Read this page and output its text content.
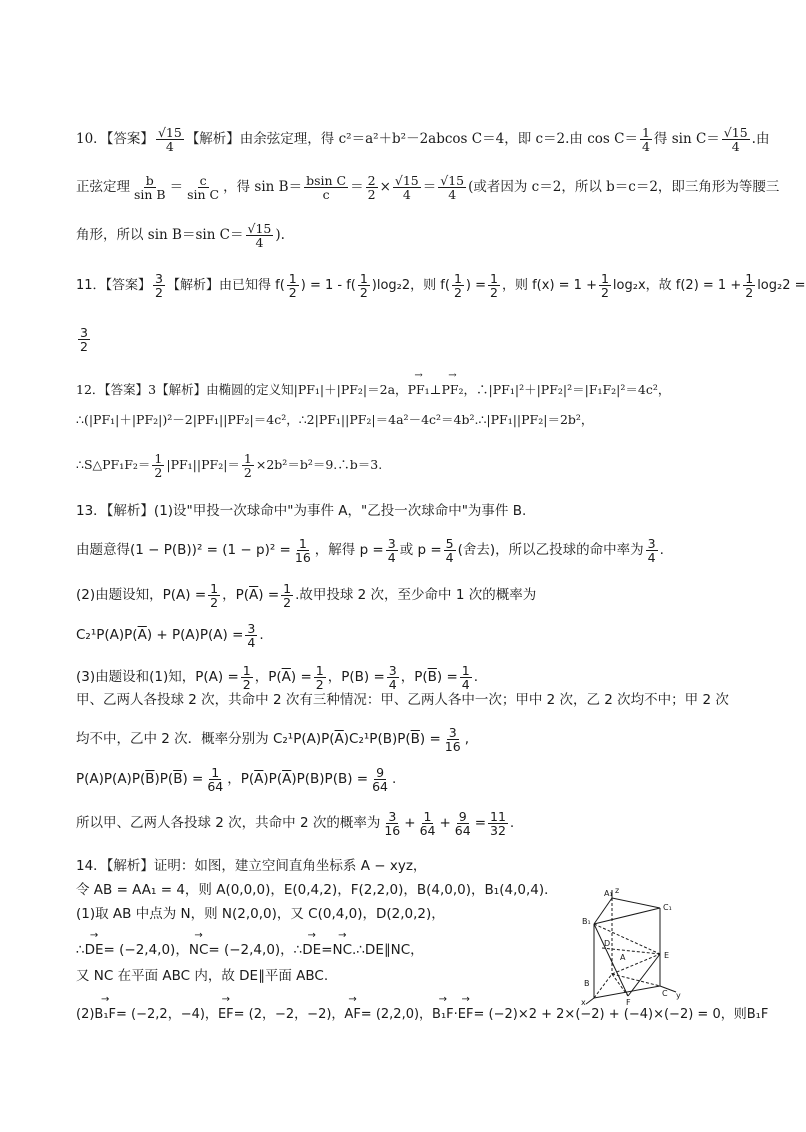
10．【答案】 $\frac{√15}{4}$ 【解析】由余弦定理，得 c²＝a²＋b²－2abcos C＝4，即 c＝2.由 $\cos C= \frac{1}{4}$ 得 $\sin C= \frac{√15}{4}$ .由
正弦定理 $\frac{b}{\text{sin B}} = \frac{c}{\text{sin C}}$ ，得 $\sin B= \frac{\text{bsin C}}{c} = \frac{2}{2} \times \frac{√15}{4} = \frac{√15}{4}$ (或者因为 c＝2，所以 b＝c＝2，即三角形为等腰三
角形，所以 sin B＝sin $C= \frac{√15}{4}$ ).
11．【答案】 $\frac{3}{2}$ 【解析】由已知得 $f( \frac{1}{2}$ ) = $1 - f( \frac{1}{2} )\log_22$，则 $f( \frac{1}{2}$ ) = $\frac{1}{2}$ ，则 $f(x) = 1 + \frac{1}{2} \log_2x$，故 $f(2) = 1 + \frac{1}{2} \log_22$ =
$\frac{3}{2}$
12．【答案】3【解析】由椭圆的定义知|PF₁|＋|PF₂|＝2a， → PF₁ ⊥ → PF₂ ，∴|PF₁|²＋|PF₂|²＝|F₁F₂|²＝4c²，
∴(|PF₁|＋|PF₂|)²－2|PF₁||PF₂|＝4c²，∴2|PF₁||PF₂|＝4a²－4c²＝4b².∴|PF₁||PF₂|＝2b²，
∴S△PF₁F₂＝ $\frac{1}{2} |PF_1||PF_2|= \frac{1}{2}$ ×2b²＝b²＝9.∴b＝3.
13．【解析】(1)设"甲投一次球命中"为事件 A，"乙投一次球命中"为事件 B.
由题意得$(1 - P(B))^2 = (1 - p)^2 = \frac{1}{16}$ ，解得 $p = \frac{3}{4}$ 或 $p = \frac{5}{4}$ (舍去)，所以乙投球的命中率为 $\frac{3}{4}$ .
(2)由题设知，$P(A) = \frac{1}{2}$ ，P( $\overline{A}$ ) = $\frac{1}{2}$ .故甲投球 2 次，至少命中 1 次的概率为
C₂¹P(A)P( $\overline{A}$ ) + $P(A)P(A) = \frac{3}{4}$ .
(3)由题设和(1)知，$P(A) = \frac{1}{2}$ ，P( $\overline{A}$ ) = $\frac{1}{2}$ ，$P(B) = \frac{3}{4}$ ，P( $\overline{B}$ ) = $\frac{1}{4}$ .
甲、乙两人各投球 2 次，共命中 2 次有三种情况：甲、乙两人各中一次；甲中 2 次，乙 2 次均不中；甲 2 次
均不中，乙中 2 次．概率分别为 C₂¹P(A)P( $\overline{A}$ )C₂¹P(B)P( $\overline{B}$ ) = $\frac{3}{16}$ ,
P(A)P(A)P( $\overline{B}$ )P( $\overline{B}$ ) = $\frac{1}{64}$ ，P( $\overline{A}$ )P( $\overline{A}$ )$P(B)P(B) = \frac{9}{64}$ .
所以甲、乙两人各投球 2 次，共命中 2 次的概率为 $\frac{3}{16} + \frac{1}{64} + \frac{9}{64} = \frac{11}{32}$ .
14．【解析】证明：如图，建立空间直角坐标系 A − xyz，
令 AB = AA₁ = 4，则 A(0,0,0)，E(0,4,2)，F(2,2,0)，B(4,0,0)，B₁(4,0,4)．
(1)取 AB 中点为 N，则 N(2,0,0)，又 C(0,4,0)，D(2,0,2)，
∴ → DE = (−2,4,0)， → NC = (−2,4,0)，∴ → DE = → NC .∴DE∥NC，
又 NC 在平面 ABC 内，故 DE∥平面 ABC.
(2) → B₁F = (−2,2，−4)， → EF = (2，−2，−2)， → AF = (2,2,0)， → B₁F · → EF = (−2)×2 + 2×(−2) + (−4)×(−2) = 0，则 B₁F
A₁ z
C₁
B₁
D
A	E
B
F
C y
x
